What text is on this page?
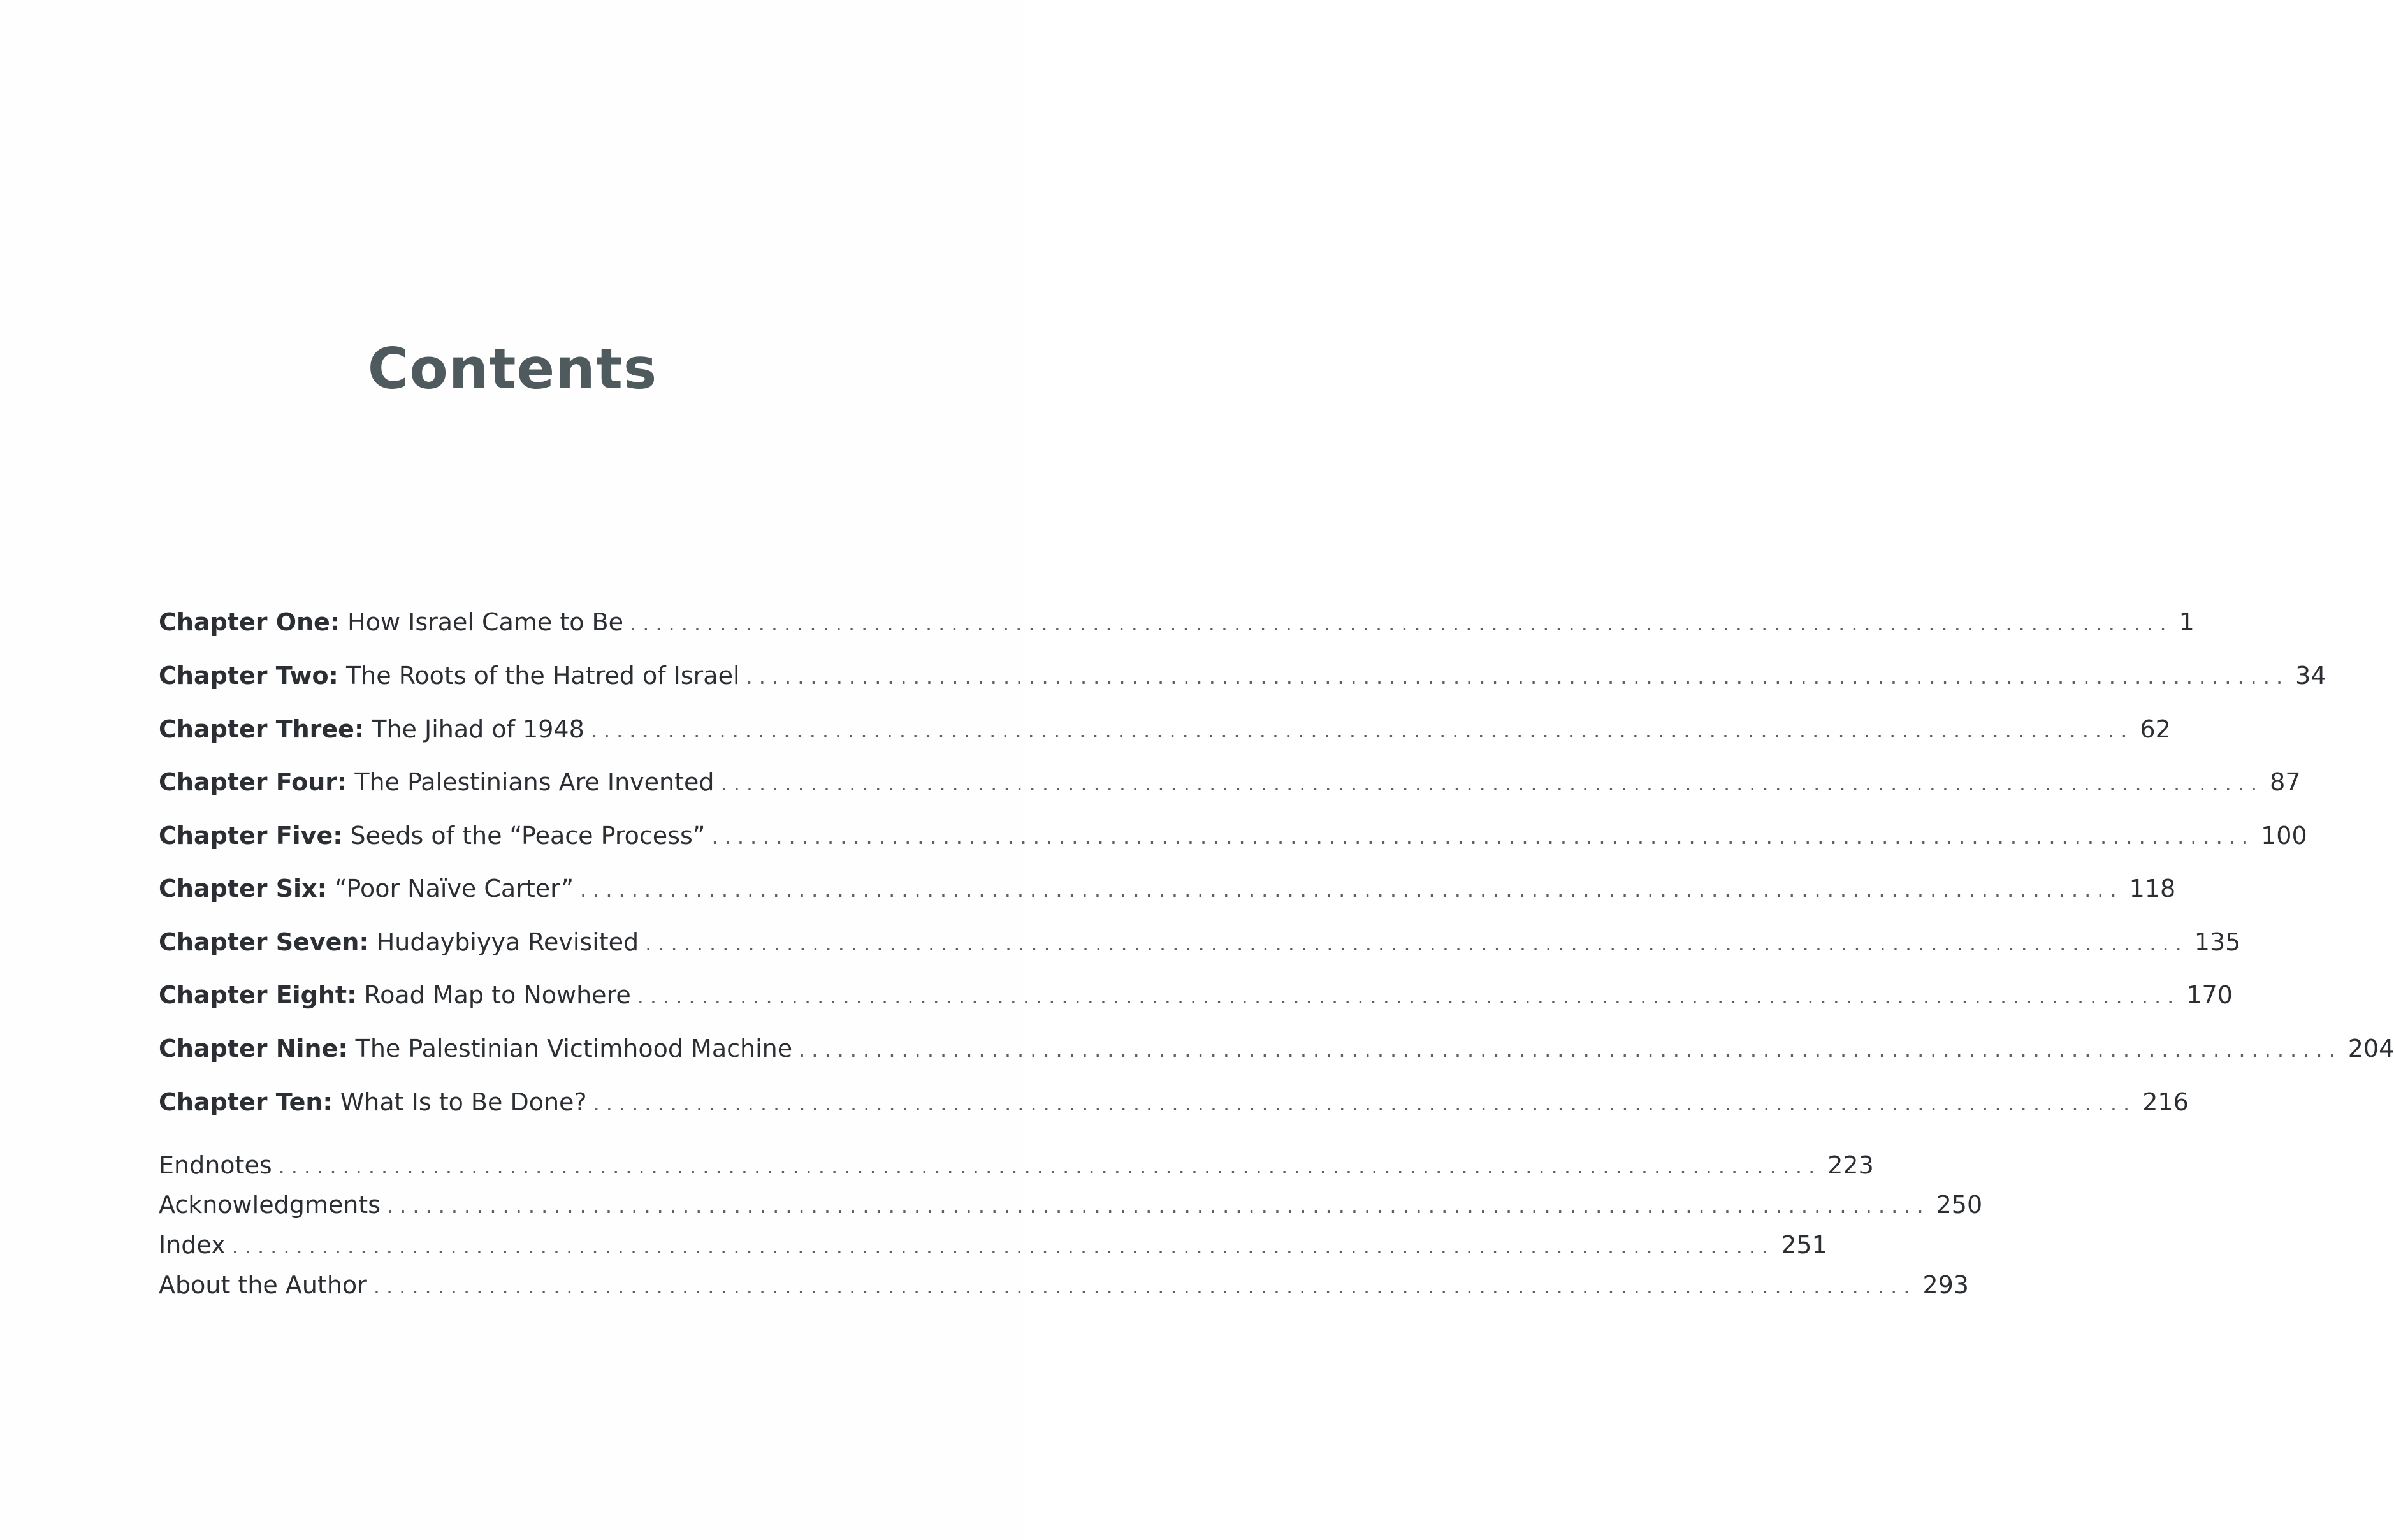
Contents
Chapter One: How Israel Came to Be ........................................................................................................................ 1
Chapter Two: The Roots of the Hatred of Israel ........................................................................................................................ 34
Chapter Three: The Jihad of 1948 ........................................................................................................................ 62
Chapter Four: The Palestinians Are Invented ........................................................................................................................ 87
Chapter Five: Seeds of the “Peace Process” ........................................................................................................................ 100
Chapter Six: “Poor Naïve Carter” ........................................................................................................................ 118
Chapter Seven: Hudaybiyya Revisited ........................................................................................................................ 135
Chapter Eight: Road Map to Nowhere ........................................................................................................................ 170
Chapter Nine: The Palestinian Victimhood Machine ........................................................................................................................ 204
Chapter Ten: What Is to Be Done? ........................................................................................................................ 216
Endnotes ........................................................................................................................ 223
Acknowledgments ........................................................................................................................ 250
Index ........................................................................................................................ 251
About the Author ........................................................................................................................ 293
